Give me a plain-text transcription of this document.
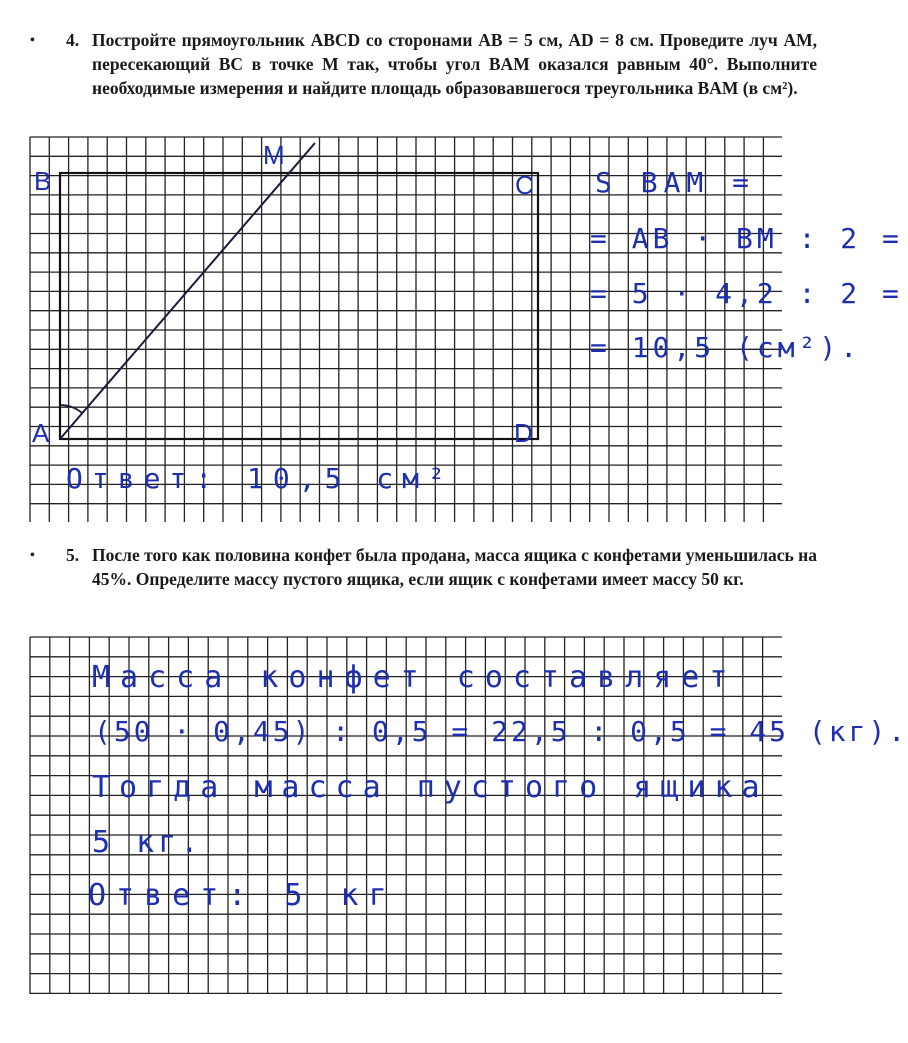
• 4. Постройте прямоугольник ABCD со сторонами AB = 5 см, AD = 8 см. Проведите луч AM, пересекающий BC в точке M так, чтобы угол BAM оказался равным 40°. Выполните необходимые измерения и найдите площадь образовавшегося треугольника BAM (в см²).
B	C
A	D
M
S BAM =
= AB · BM : 2 =
= 5 · 4,2 : 2 =
= 10,5 (см²).
Ответ: 10,5 см²
• 5. После того как половина конфет была продана, масса ящика с конфетами уменьшилась на 45%. Определите массу пустого ящика, если ящик с конфетами имеет массу 50 кг.
Масса конфет составляет
(50 · 0,45) : 0,5 = 22,5 : 0,5 = 45 (кг).
Тогда масса пустого ящика
5 кг.
Ответ: 5 кг
